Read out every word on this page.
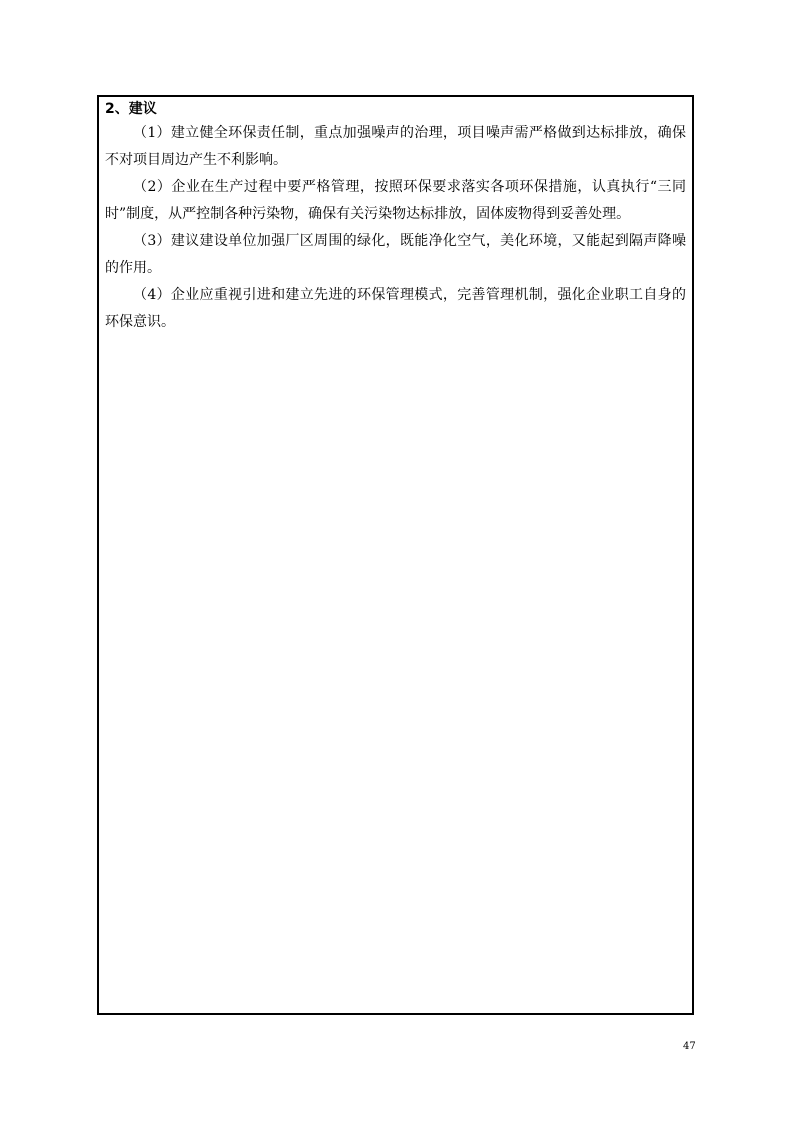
2、建议

（1）建立健全环保责任制，重点加强噪声的治理，项目噪声需严格做到达标排放，确保不对项目周边产生不利影响。

（2）企业在生产过程中要严格管理，按照环保要求落实各项环保措施，认真执行“三同时”制度，从严控制各种污染物，确保有关污染物达标排放，固体废物得到妥善处理。

（3）建议建设单位加强厂区周围的绿化，既能净化空气，美化环境，又能起到隔声降噪的作用。

（4）企业应重视引进和建立先进的环保管理模式，完善管理机制，强化企业职工自身的环保意识。

47
